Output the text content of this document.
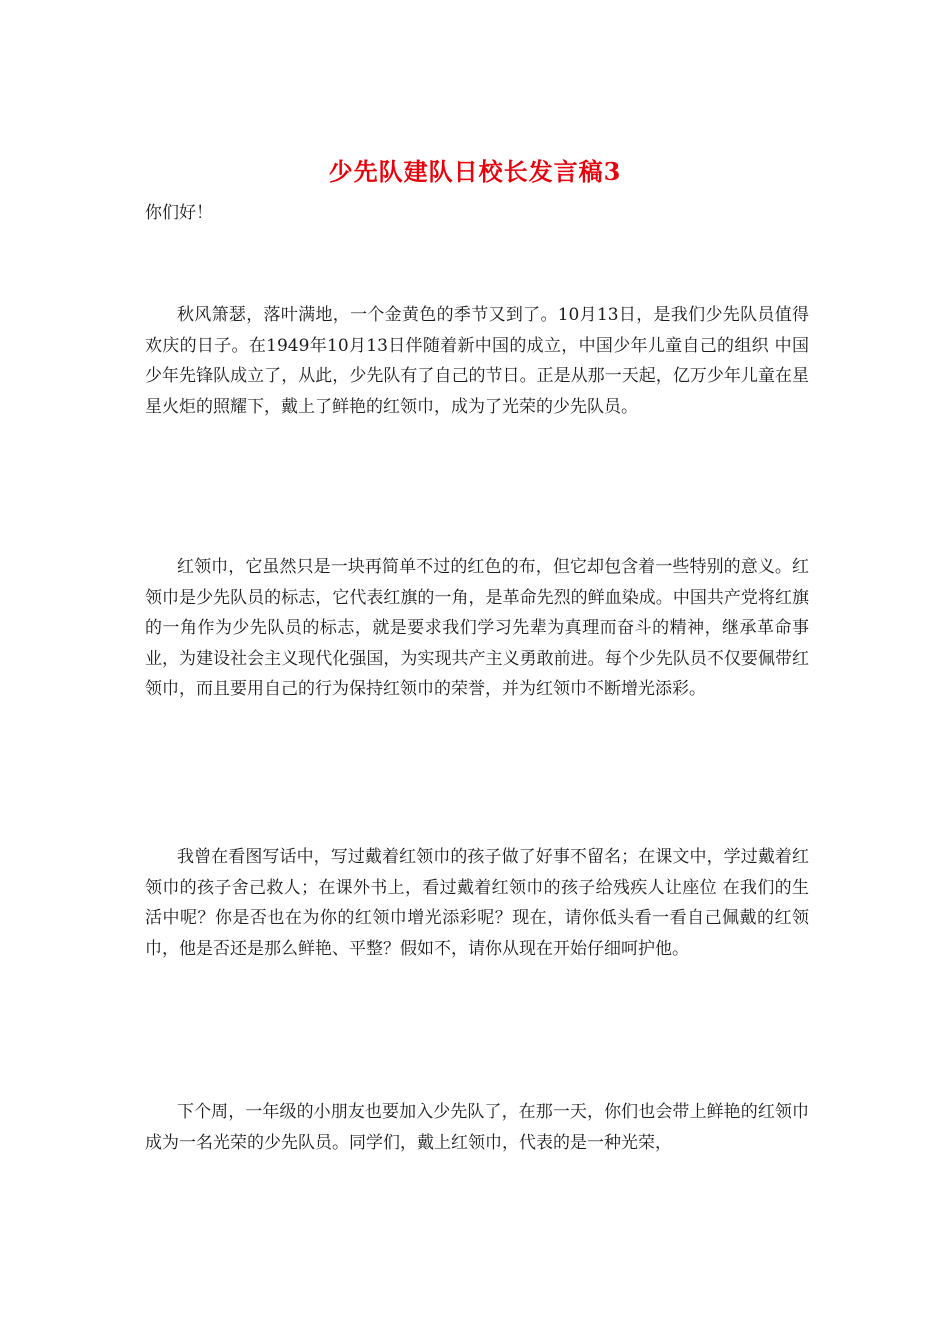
少先队建队日校长发言稿3

你们好！

秋风箫瑟，落叶满地，一个金黄色的季节又到了。10月13日，是我们少先队员值得欢庆的日子。在1949年10月13日伴随着新中国的成立，中国少年儿童自己的组织 中国少年先锋队成立了，从此，少先队有了自己的节日。正是从那一天起，亿万少年儿童在星星火炬的照耀下，戴上了鲜艳的红领巾，成为了光荣的少先队员。

红领巾，它虽然只是一块再简单不过的红色的布，但它却包含着一些特别的意义。红领巾是少先队员的标志，它代表红旗的一角，是革命先烈的鲜血染成。中国共产党将红旗的一角作为少先队员的标志，就是要求我们学习先辈为真理而奋斗的精神，继承革命事业，为建设社会主义现代化强国，为实现共产主义勇敢前进。每个少先队员不仅要佩带红领巾，而且要用自己的行为保持红领巾的荣誉，并为红领巾不断增光添彩。

我曾在看图写话中，写过戴着红领巾的孩子做了好事不留名；在课文中，学过戴着红领巾的孩子舍己救人；在课外书上，看过戴着红领巾的孩子给残疾人让座位 在我们的生活中呢？你是否也在为你的红领巾增光添彩呢？现在，请你低头看一看自己佩戴的红领巾，他是否还是那么鲜艳、平整？假如不，请你从现在开始仔细呵护他。

下个周，一年级的小朋友也要加入少先队了，在那一天，你们也会带上鲜艳的红领巾成为一名光荣的少先队员。同学们，戴上红领巾，代表的是一种光荣，
